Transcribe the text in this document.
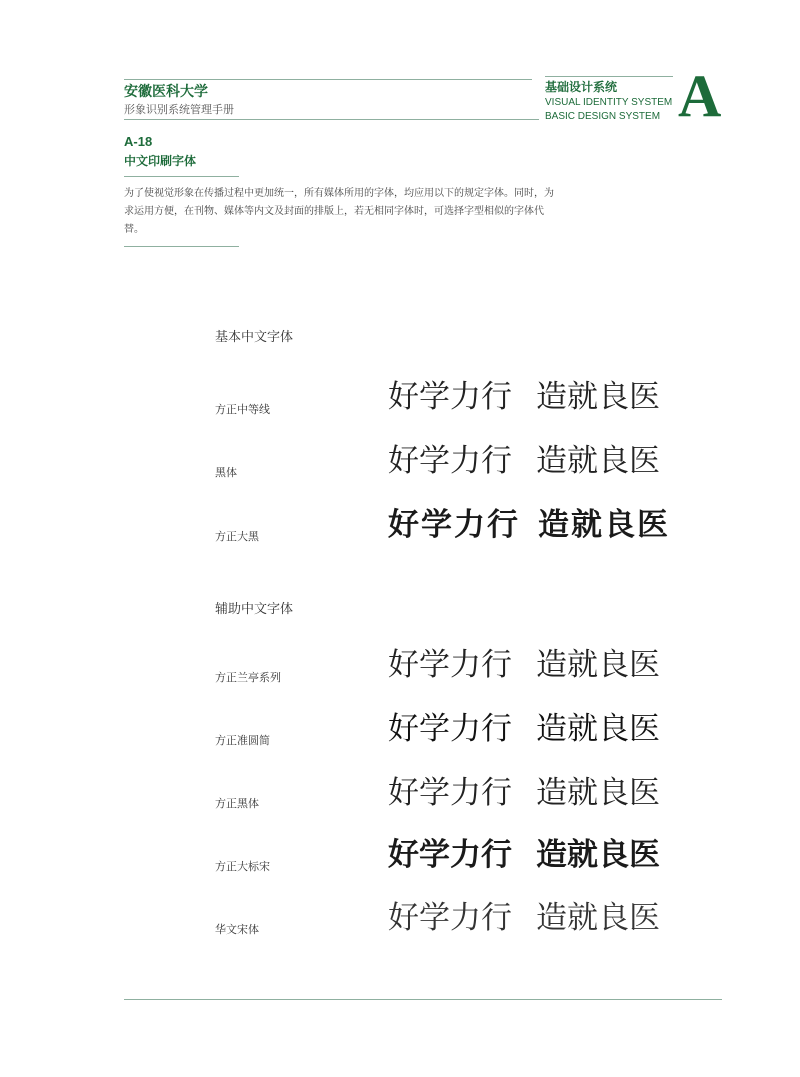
安徽医科大学
形象识别系统管理手册
基础设计系统
VISUAL IDENTITY SYSTEM
BASIC DESIGN SYSTEM A
A-18
中文印刷字体
为了使视觉形象在传播过程中更加统一，所有媒体所用的字体，均应用以下的规定字体。同时，为求运用方便，在刊物、媒体等内文及封面的排版上，若无相同字体时，可选择字型相似的字体代替。
基本中文字体
方正中等线	好学力行 造就良医
黑体	好学力行 造就良医
方正大黑	好学力行 造就良医
辅助中文字体
方正兰亭系列	好学力行 造就良医
方正准圆简	好学力行 造就良医
方正黑体	好学力行 造就良医
方正大标宋	好学力行 造就良医
华文宋体	好学力行 造就良医
